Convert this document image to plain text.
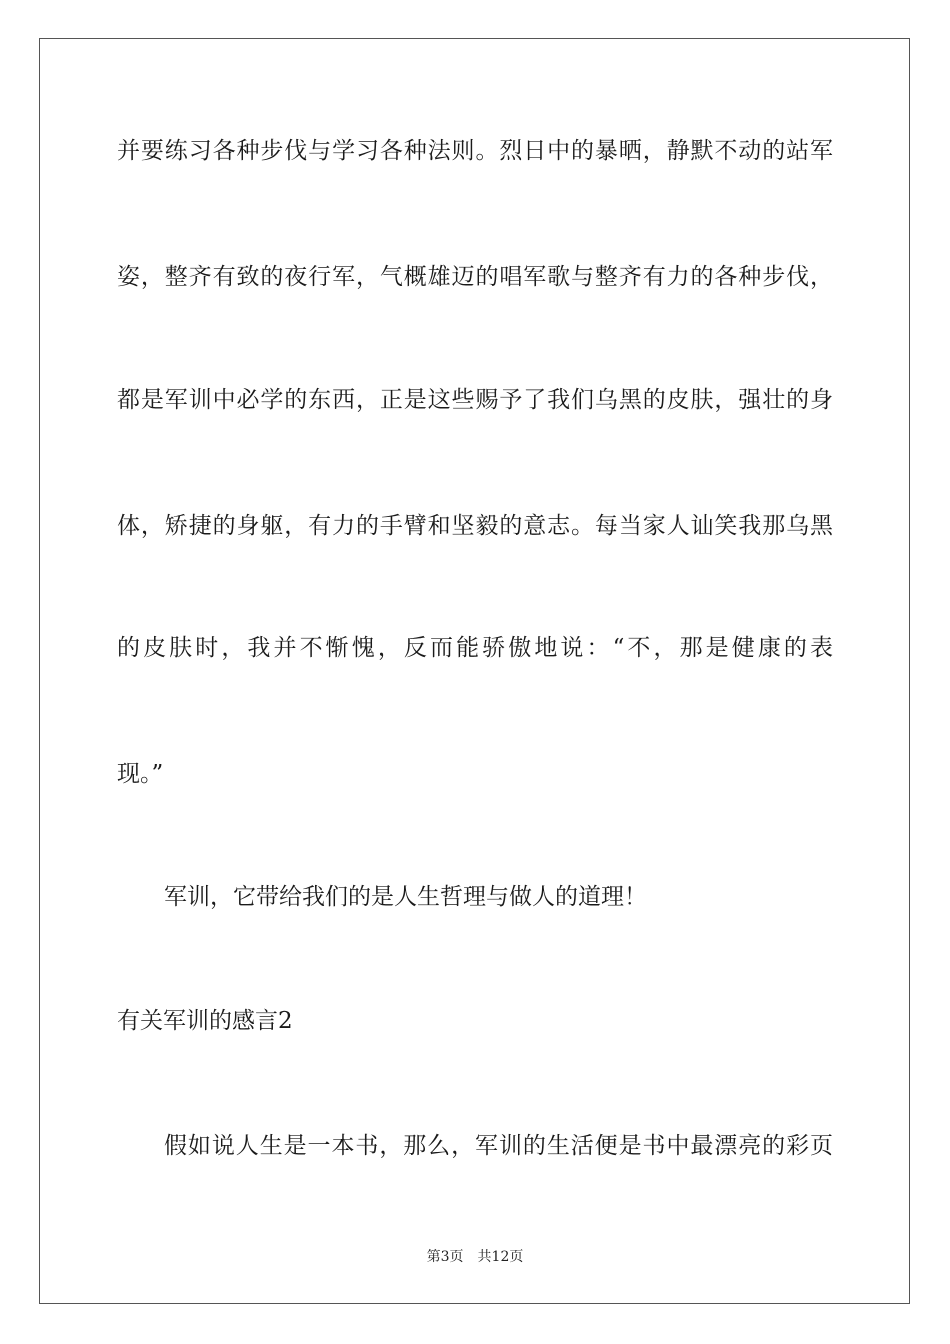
并要练习各种步伐与学习各种法则。烈日中的暴晒，静默不动的站军
姿，整齐有致的夜行军，气概雄迈的唱军歌与整齐有力的各种步伐，
都是军训中必学的东西，正是这些赐予了我们乌黑的皮肤，强壮的身
体，矫捷的身躯，有力的手臂和坚毅的意志。每当家人讪笑我那乌黑
的皮肤时，我并不惭愧，反而能骄傲地说：“不，那是健康的表
现。”
军训，它带给我们的是人生哲理与做人的道理！
有关军训的感言2
假如说人生是一本书，那么，军训的生活便是书中最漂亮的彩页
第3页　共12页
